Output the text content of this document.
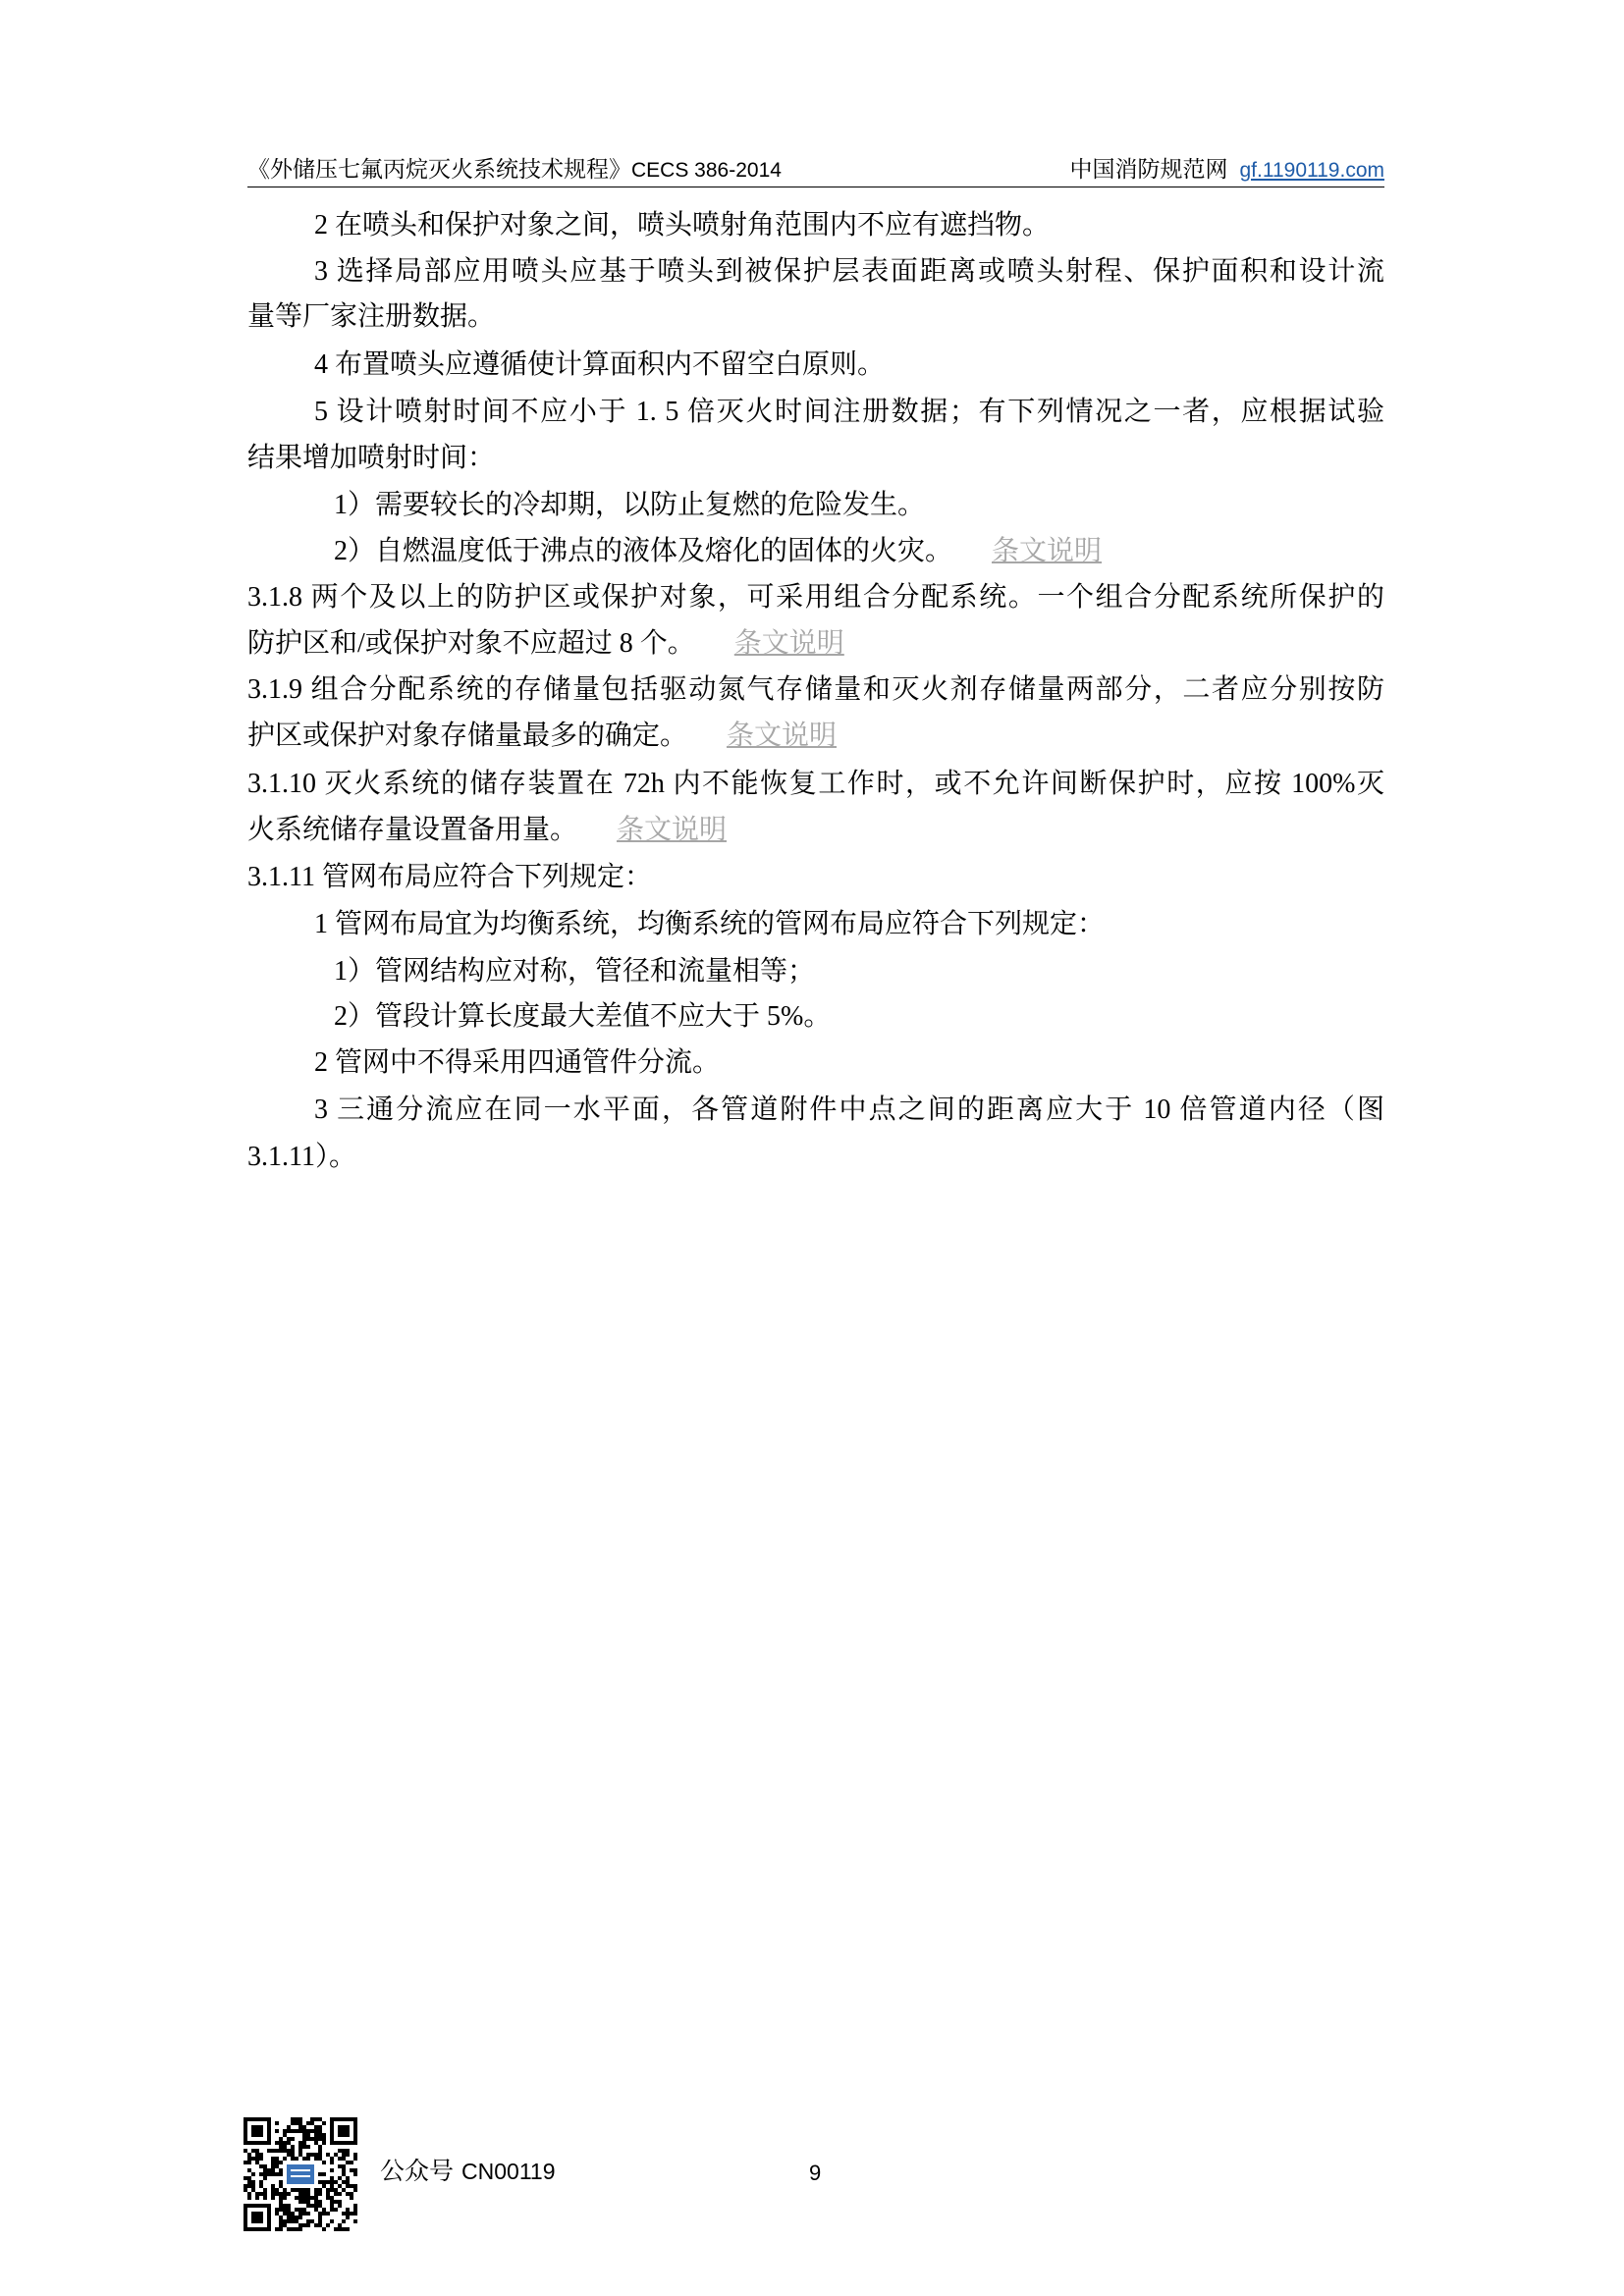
《外储压七氟丙烷灭火系统技术规程》CECS 386-2014	中国消防规范网 gf.1190119.com
2 在喷头和保护对象之间，喷头喷射角范围内不应有遮挡物。
3 选择局部应用喷头应基于喷头到被保护层表面距离或喷头射程、保护面积和设计流
量等厂家注册数据。
4 布置喷头应遵循使计算面积内不留空白原则。
5 设计喷射时间不应小于 1. 5 倍灭火时间注册数据；有下列情况之一者，应根据试验
结果增加喷射时间：
1）需要较长的冷却期，以防止复燃的危险发生。
2）自燃温度低于沸点的液体及熔化的固体的火灾。 条文说明
3.1.8 两个及以上的防护区或保护对象，可采用组合分配系统。一个组合分配系统所保护的
防护区和/或保护对象不应超过 8 个。 条文说明
3.1.9 组合分配系统的存储量包括驱动氮气存储量和灭火剂存储量两部分，二者应分别按防
护区或保护对象存储量最多的确定。 条文说明
3.1.10 灭火系统的储存装置在 72h 内不能恢复工作时，或不允许间断保护时，应按 100%灭
火系统储存量设置备用量。 条文说明
3.1.11 管网布局应符合下列规定：
1 管网布局宜为均衡系统，均衡系统的管网布局应符合下列规定：
1）管网结构应对称，管径和流量相等；
2）管段计算长度最大差值不应大于 5%。
2 管网中不得采用四通管件分流。
3 三通分流应在同一水平面，各管道附件中点之间的距离应大于 10 倍管道内径（图
3.1.11）。
公众号 CN00119	9
